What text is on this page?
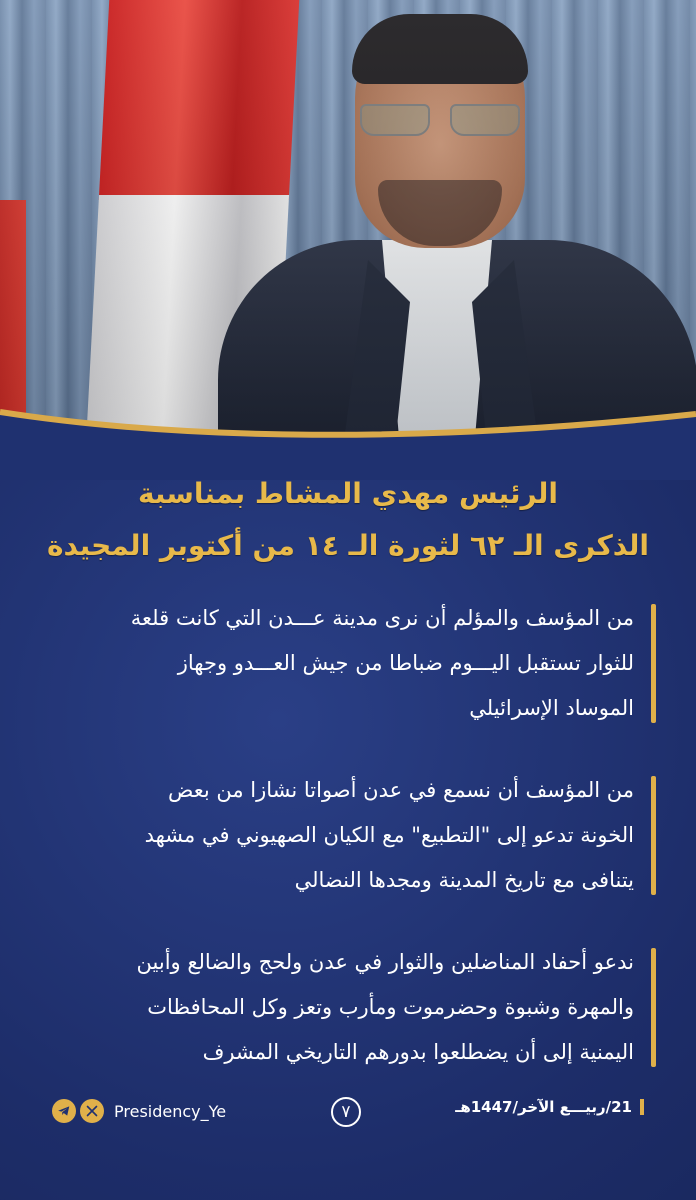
الرئيس مهدي المشاط بمناسبة
الذكرى الـ ٦٢ لثورة الـ ١٤ من أكتوبر المجيدة
من المؤسف والمؤلم أن نرى مدينة عـــدن التي كانت قلعة
للثوار تستقبل اليـــوم ضباطا من جيش العـــدو وجهاز
الموساد الإسرائيلي
من المؤسف أن نسمع في عدن أصواتا نشازا من بعض
الخونة تدعو إلى "التطبيع" مع الكيان الصهيوني في مشهد
يتنافى مع تاريخ المدينة ومجدها النضالي
ندعو أحفاد المناضلين والثوار في عدن ولحج والضالع وأبين
والمهرة وشبوة وحضرموت ومأرب وتعز وكل المحافظات
اليمنية إلى أن يضطلعوا بدورهم التاريخي المشرف
21/ربيـــع الآخر/1447هـ
٧
Presidency_Ye
